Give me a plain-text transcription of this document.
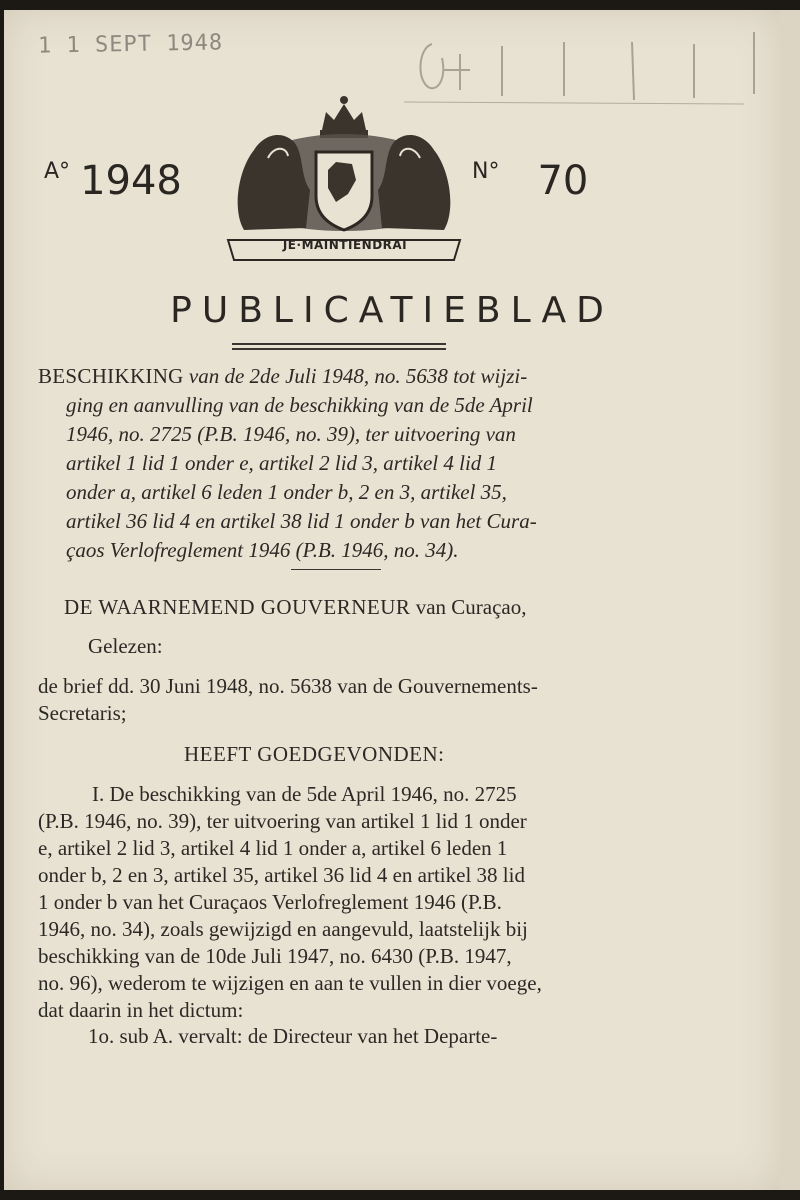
1 1 SEPT 1948
$^{A^\circ}$ 1948
JE·MAINTIENDRAI
$^{N^\circ}$ 70
PUBLICATIEBLAD
BESCHIKKING van de 2de Juli 1948, no. 5638 tot wijzi-
ging en aanvulling van de beschikking van de 5de April
1946, no. 2725 (P.B. 1946, no. 39), ter uitvoering van
artikel 1 lid 1 onder e, artikel 2 lid 3, artikel 4 lid 1
onder a, artikel 6 leden 1 onder b, 2 en 3, artikel 35,
artikel 36 lid 4 en artikel 38 lid 1 onder b van het Cura-
çaos Verlofreglement 1946 (P.B. 1946, no. 34).
DE WAARNEMEND GOUVERNEUR van Curaçao,
Gelezen:
de brief dd. 30 Juni 1948, no. 5638 van de Gouvernements-
Secretaris;
HEEFT GOEDGEVONDEN:
I. De beschikking van de 5de April 1946, no. 2725
(P.B. 1946, no. 39), ter uitvoering van artikel 1 lid 1 onder
e, artikel 2 lid 3, artikel 4 lid 1 onder a, artikel 6 leden 1
onder b, 2 en 3, artikel 35, artikel 36 lid 4 en artikel 38 lid
1 onder b van het Curaçaos Verlofreglement 1946 (P.B.
1946, no. 34), zoals gewijzigd en aangevuld, laatstelijk bij
beschikking van de 10de Juli 1947, no. 6430 (P.B. 1947,
no. 96), wederom te wijzigen en aan te vullen in dier voege,
dat daarin in het dictum:
1o. sub A. vervalt: de Directeur van het Departe-
